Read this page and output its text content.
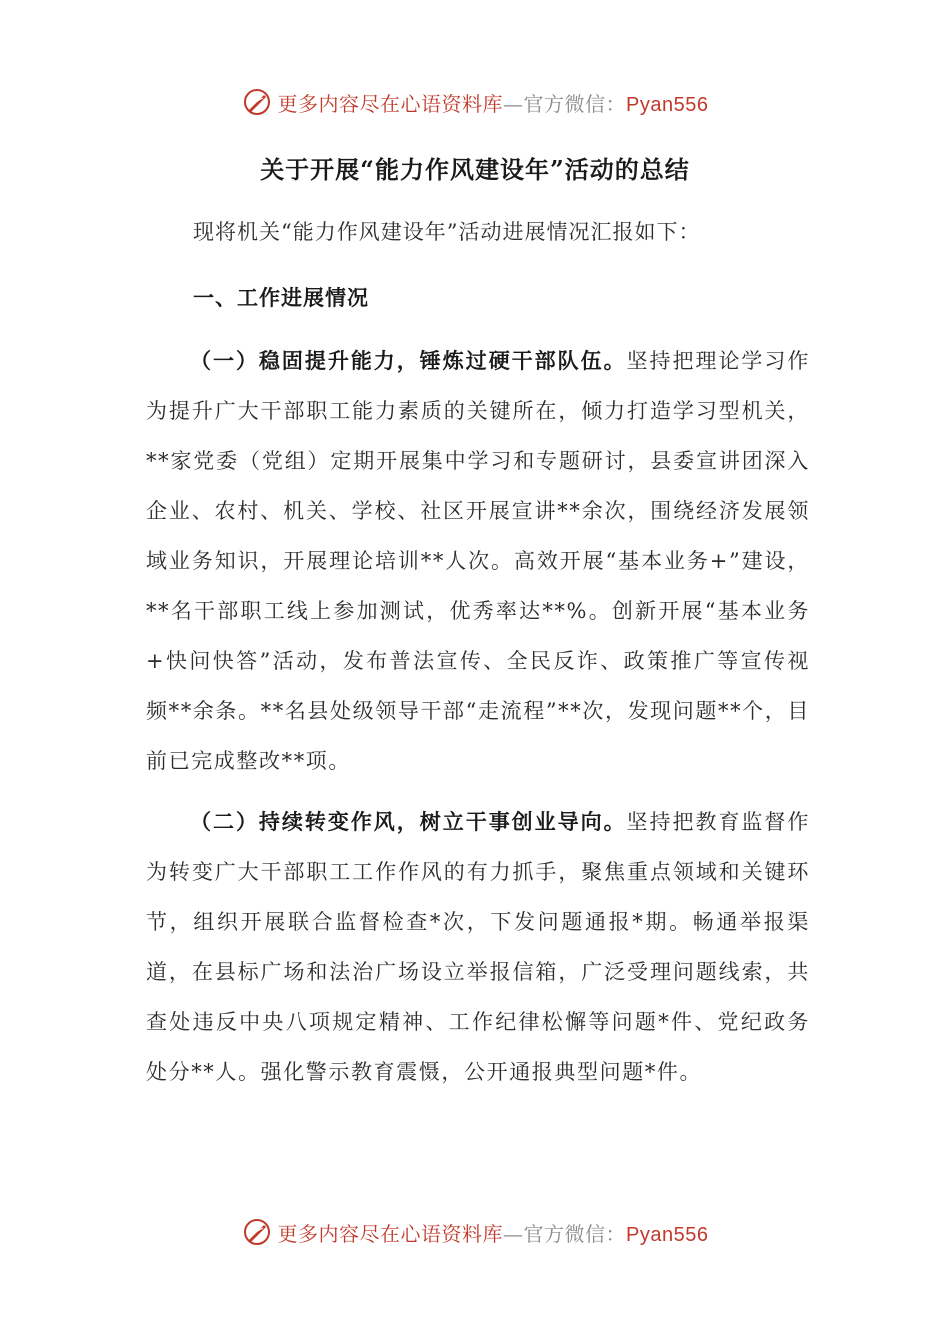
更多内容尽在心语资料库—官方微信：Pyan556
关于开展“能力作风建设年”活动的总结
现将机关“能力作风建设年”活动进展情况汇报如下：
一、工作进展情况
（一）稳固提升能力，锤炼过硬干部队伍。坚持把理论学习作为提升广大干部职工能力素质的关键所在，倾力打造学习型机关，**家党委（党组）定期开展集中学习和专题研讨，县委宣讲团深入企业、农村、机关、学校、社区开展宣讲**余次，围绕经济发展领域业务知识，开展理论培训**人次。高效开展“基本业务+”建设，**名干部职工线上参加测试，优秀率达**%。创新开展“基本业务+快问快答”活动，发布普法宣传、全民反诈、政策推广等宣传视频**余条。**名县处级领导干部“走流程”**次，发现问题**个，目前已完成整改**项。
（二）持续转变作风，树立干事创业导向。坚持把教育监督作为转变广大干部职工工作作风的有力抓手，聚焦重点领域和关键环节，组织开展联合监督检查*次，下发问题通报*期。畅通举报渠道，在县标广场和法治广场设立举报信箱，广泛受理问题线索，共查处违反中央八项规定精神、工作纪律松懈等问题*件、党纪政务处分**人。强化警示教育震慑，公开通报典型问题*件。
更多内容尽在心语资料库—官方微信：Pyan556
